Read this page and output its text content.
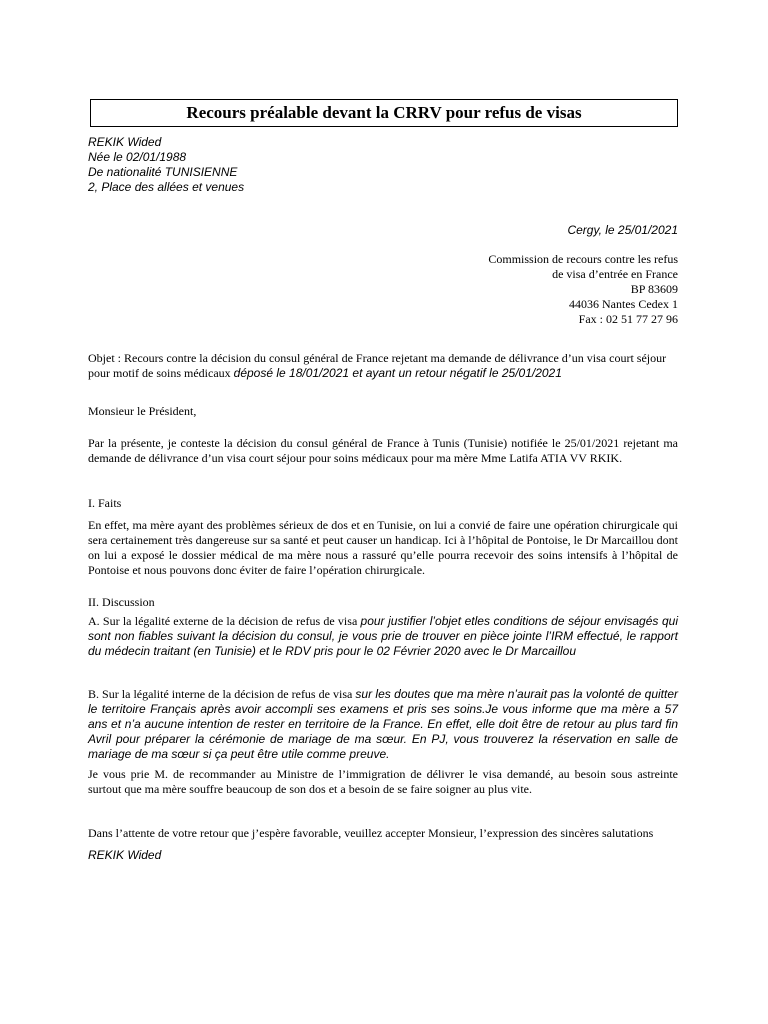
Recours préalable devant la CRRV pour refus de visas
REKIK Wided
Née le 02/01/1988
De nationalité TUNISIENNE
2, Place des allées et venues
Cergy, le 25/01/2021
Commission de recours contre les refus
de visa d’entrée en France
BP 83609
44036 Nantes Cedex 1
Fax : 02 51 77 27 96
Objet : Recours contre la décision du consul général de France rejetant ma demande de délivrance d’un visa court séjour pour motif de soins médicaux déposé le 18/01/2021 et ayant un retour négatif le 25/01/2021
Monsieur le Président,
Par la présente, je conteste la décision du consul général de France à Tunis (Tunisie) notifiée le 25/01/2021 rejetant ma demande de délivrance d’un visa court séjour pour soins médicaux pour ma mère Mme Latifa ATIA VV RKIK.
I. Faits
En effet, ma mère ayant des problèmes sérieux de dos et en Tunisie, on lui a convié de faire une opération chirurgicale qui sera certainement très dangereuse sur sa santé et peut causer un handicap. Ici à l’hôpital de Pontoise, le Dr Marcaillou dont on lui a exposé le dossier médical de ma mère nous a rassuré qu’elle pourra recevoir des soins intensifs à l’hôpital de Pontoise et nous pouvons donc éviter de faire l’opération chirurgicale.
II. Discussion
A. Sur la légalité externe de la décision de refus de visa pour justifier l’objet etles conditions de séjour envisagés qui sont non fiables suivant la décision du consul, je vous prie de trouver en pièce jointe l’IRM effectué, le rapport du médecin traitant (en Tunisie) et le RDV pris pour le 02 Février 2020 avec le Dr Marcaillou
B. Sur la légalité interne de la décision de refus de visa sur les doutes que ma mère n’aurait pas la volonté de quitter le territoire Français après avoir accompli ses examens et pris ses soins.Je vous informe que ma mère a 57 ans et n’a aucune intention de rester en territoire de la France. En effet, elle doit être de retour au plus tard fin Avril pour préparer la cérémonie de mariage de ma sœur. En PJ, vous trouverez la réservation en salle de mariage de ma sœur si ça peut être utile comme preuve.
Je vous prie M. de recommander au Ministre de l’immigration de délivrer le visa demandé, au besoin sous astreinte surtout que ma mère souffre beaucoup de son dos et a besoin de se faire soigner au plus vite.
Dans l’attente de votre retour que j’espère favorable, veuillez accepter Monsieur, l’expression des sincères salutations
REKIK Wided
